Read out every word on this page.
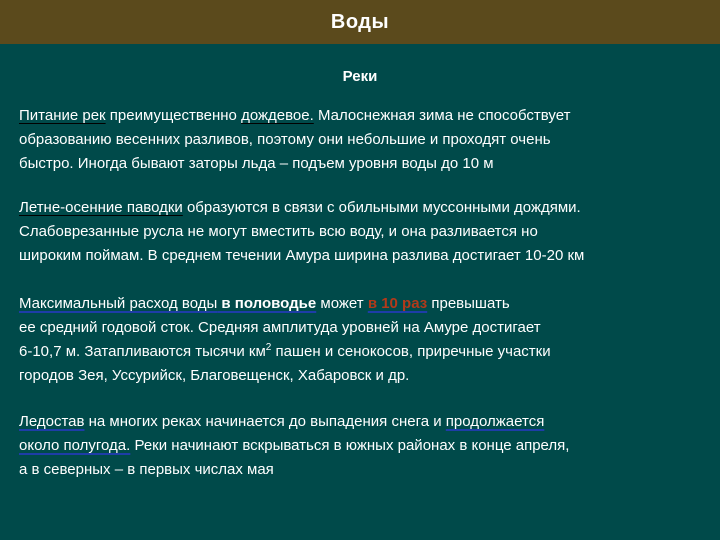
Воды
Реки
Питание рек преимущественно дождевое. Малоснежная зима не способствует
образованию весенних разливов, поэтому они небольшие и проходят очень
быстро. Иногда бывают заторы льда – подъем уровня воды до 10 м
Летне-осенние паводки образуются в связи с обильными муссонными дождями.
Слабоврезанные русла не могут вместить всю воду, и она разливается но
широким поймам. В среднем течении Амура ширина разлива достигает 10-20 км
Максимальный расход воды в половодье может в 10 раз превышать
ее средний годовой сток. Средняя амплитуда уровней на Амуре достигает
6-10,7 м. Затапливаются тысячи $км^2$ пашен и сенокосов, приречные участки
городов Зея, Уссурийск, Благовещенск, Хабаровск и др.
Ледостав на многих реках начинается до выпадения снега и продолжается
около полугода. Реки начинают вскрываться в южных районах в конце апреля,
а в северных – в первых числах мая
